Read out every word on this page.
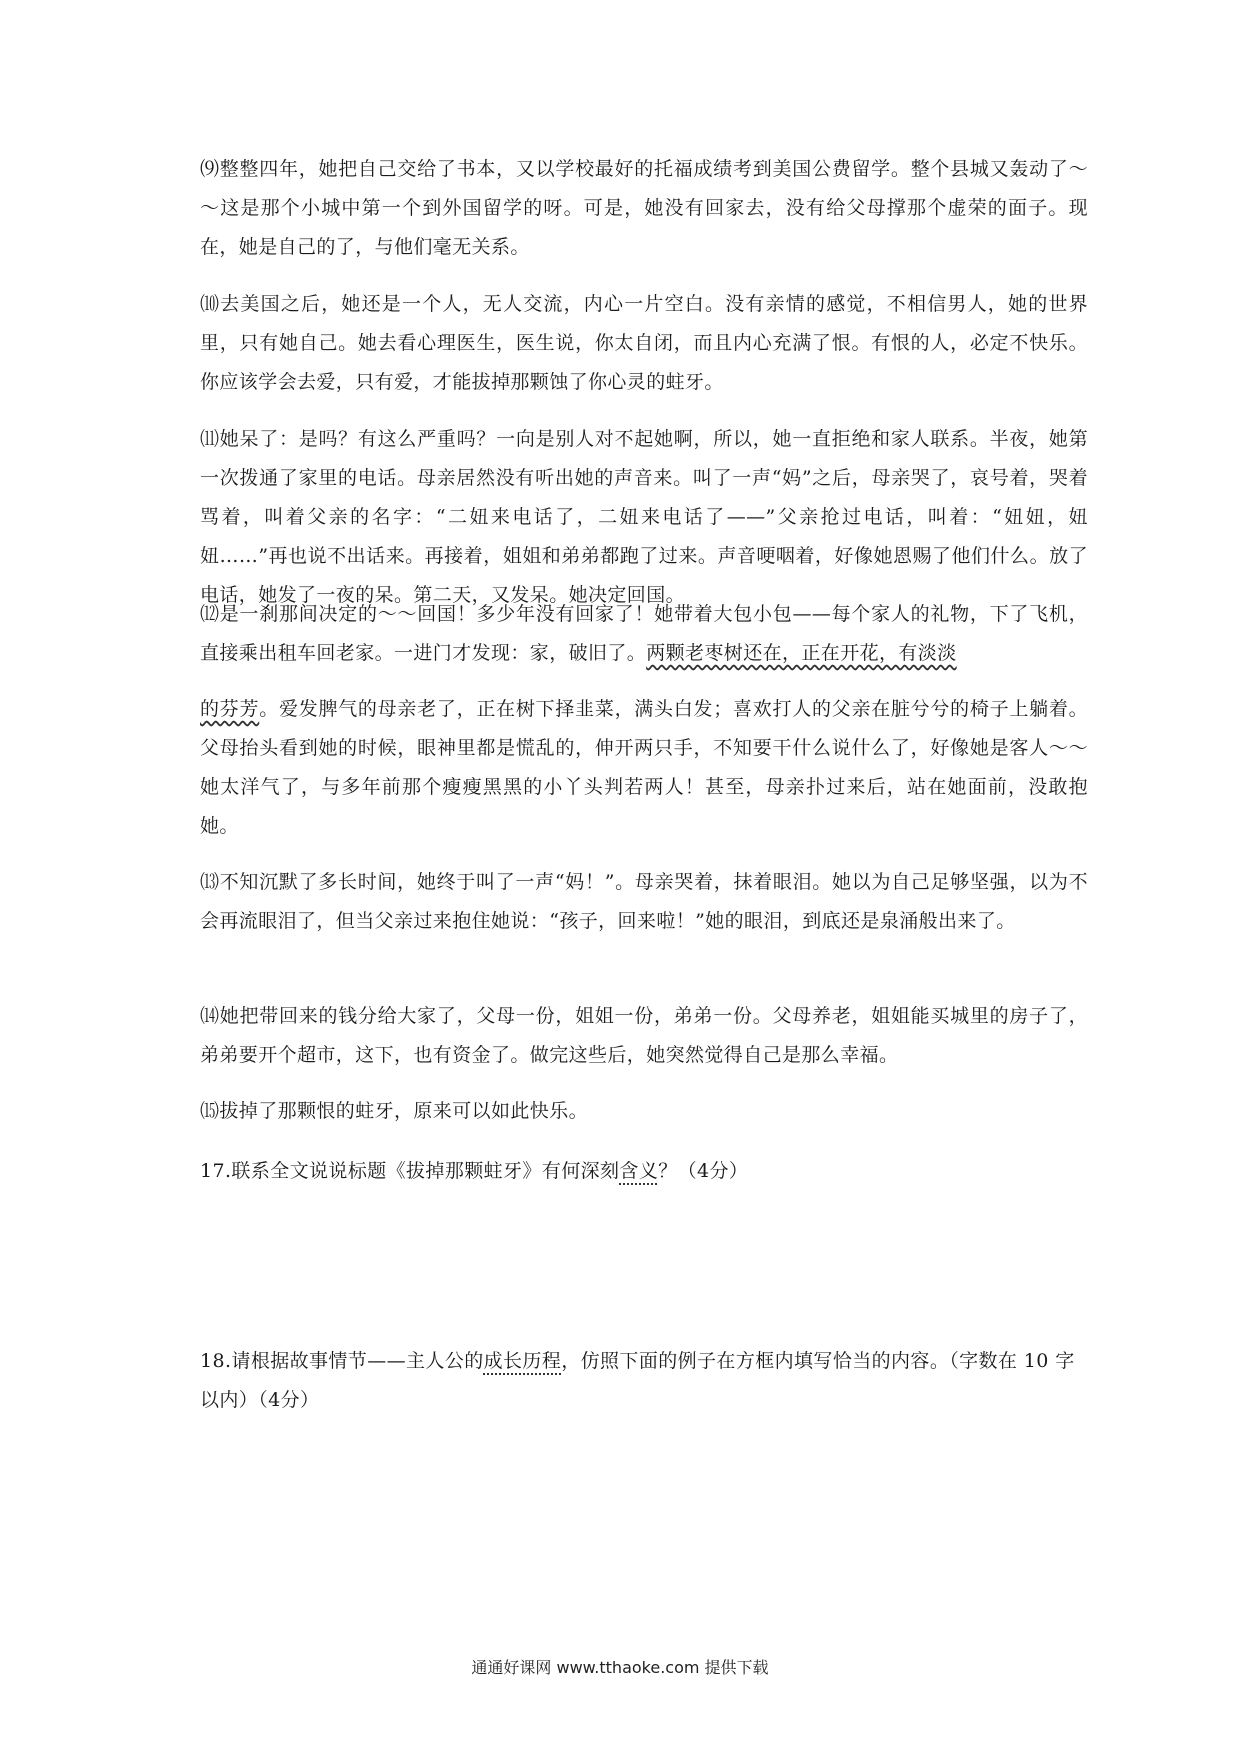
⑼整整四年，她把自己交给了书本，又以学校最好的托福成绩考到美国公费留学。整个县城又轰动了～～这是那个小城中第一个到外国留学的呀。可是，她没有回家去，没有给父母撑那个虚荣的面子。现在，她是自己的了，与他们毫无关系。

⑽去美国之后，她还是一个人，无人交流，内心一片空白。没有亲情的感觉，不相信男人，她的世界里，只有她自己。她去看心理医生，医生说，你太自闭，而且内心充满了恨。有恨的人，必定不快乐。你应该学会去爱，只有爱，才能拔掉那颗蚀了你心灵的蛀牙。

⑾她呆了：是吗？有这么严重吗？一向是别人对不起她啊，所以，她一直拒绝和家人联系。半夜，她第一次拨通了家里的电话。母亲居然没有听出她的声音来。叫了一声“妈”之后，母亲哭了，哀号着，哭着骂着，叫着父亲的名字：“二妞来电话了，二妞来电话了——”父亲抢过电话，叫着：“妞妞，妞妞……”再也说不出话来。再接着，姐姐和弟弟都跑了过来。声音哽咽着，好像她恩赐了他们什么。放了电话，她发了一夜的呆。第二天，又发呆。她决定回国。

⑿是一刹那间决定的～～回国！多少年没有回家了！她带着大包小包——每个家人的礼物，下了飞机，直接乘出租车回老家。一进门才发现：家，破旧了。两颗老枣树还在，正在开花，有淡淡

的芬芳。爱发脾气的母亲老了，正在树下择韭菜，满头白发；喜欢打人的父亲在脏兮兮的椅子上躺着。父母抬头看到她的时候，眼神里都是慌乱的，伸开两只手，不知要干什么说什么了，好像她是客人～～她太洋气了，与多年前那个瘦瘦黑黑的小丫头判若两人！甚至，母亲扑过来后，站在她面前，没敢抱她。

⒀不知沉默了多长时间，她终于叫了一声“妈！”。母亲哭着，抹着眼泪。她以为自己足够坚强，以为不会再流眼泪了，但当父亲过来抱住她说：“孩子，回来啦！”她的眼泪，到底还是泉涌般出来了。

⒁她把带回来的钱分给大家了，父母一份，姐姐一份，弟弟一份。父母养老，姐姐能买城里的房子了，弟弟要开个超市，这下，也有资金了。做完这些后，她突然觉得自己是那么幸福。

⒂拔掉了那颗恨的蛀牙，原来可以如此快乐。

17.联系全文说说标题《拔掉那颗蛀牙》有何深刻含义？（4分）

18.请根据故事情节——主人公的成长历程，仿照下面的例子在方框内填写恰当的内容。（字数在 10 字以内）（4分）

通通好课网 www.tthaoke.com 提供下载
